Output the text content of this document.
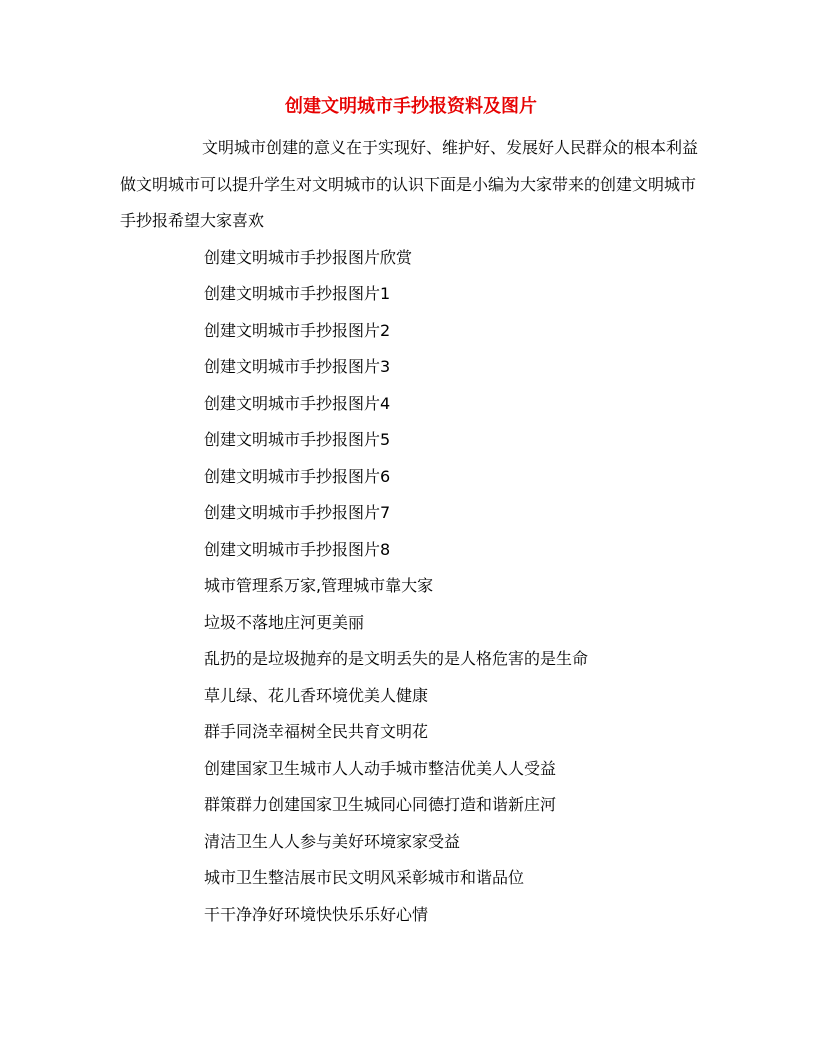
创建文明城市手抄报资料及图片

文明城市创建的意义在于实现好、维护好、发展好人民群众的根本利益做文明城市可以提升学生对文明城市的认识下面是小编为大家带来的创建文明城市手抄报希望大家喜欢

创建文明城市手抄报图片欣赏
创建文明城市手抄报图片1
创建文明城市手抄报图片2
创建文明城市手抄报图片3
创建文明城市手抄报图片4
创建文明城市手抄报图片5
创建文明城市手抄报图片6
创建文明城市手抄报图片7
创建文明城市手抄报图片8
城市管理系万家,管理城市靠大家
垃圾不落地庄河更美丽
乱扔的是垃圾抛弃的是文明丢失的是人格危害的是生命
草儿绿、花儿香环境优美人健康
群手同浇幸福树全民共育文明花
创建国家卫生城市人人动手城市整洁优美人人受益
群策群力创建国家卫生城同心同德打造和谐新庄河
清洁卫生人人参与美好环境家家受益
城市卫生整洁展市民文明风采彰城市和谐品位
干干净净好环境快快乐乐好心情
